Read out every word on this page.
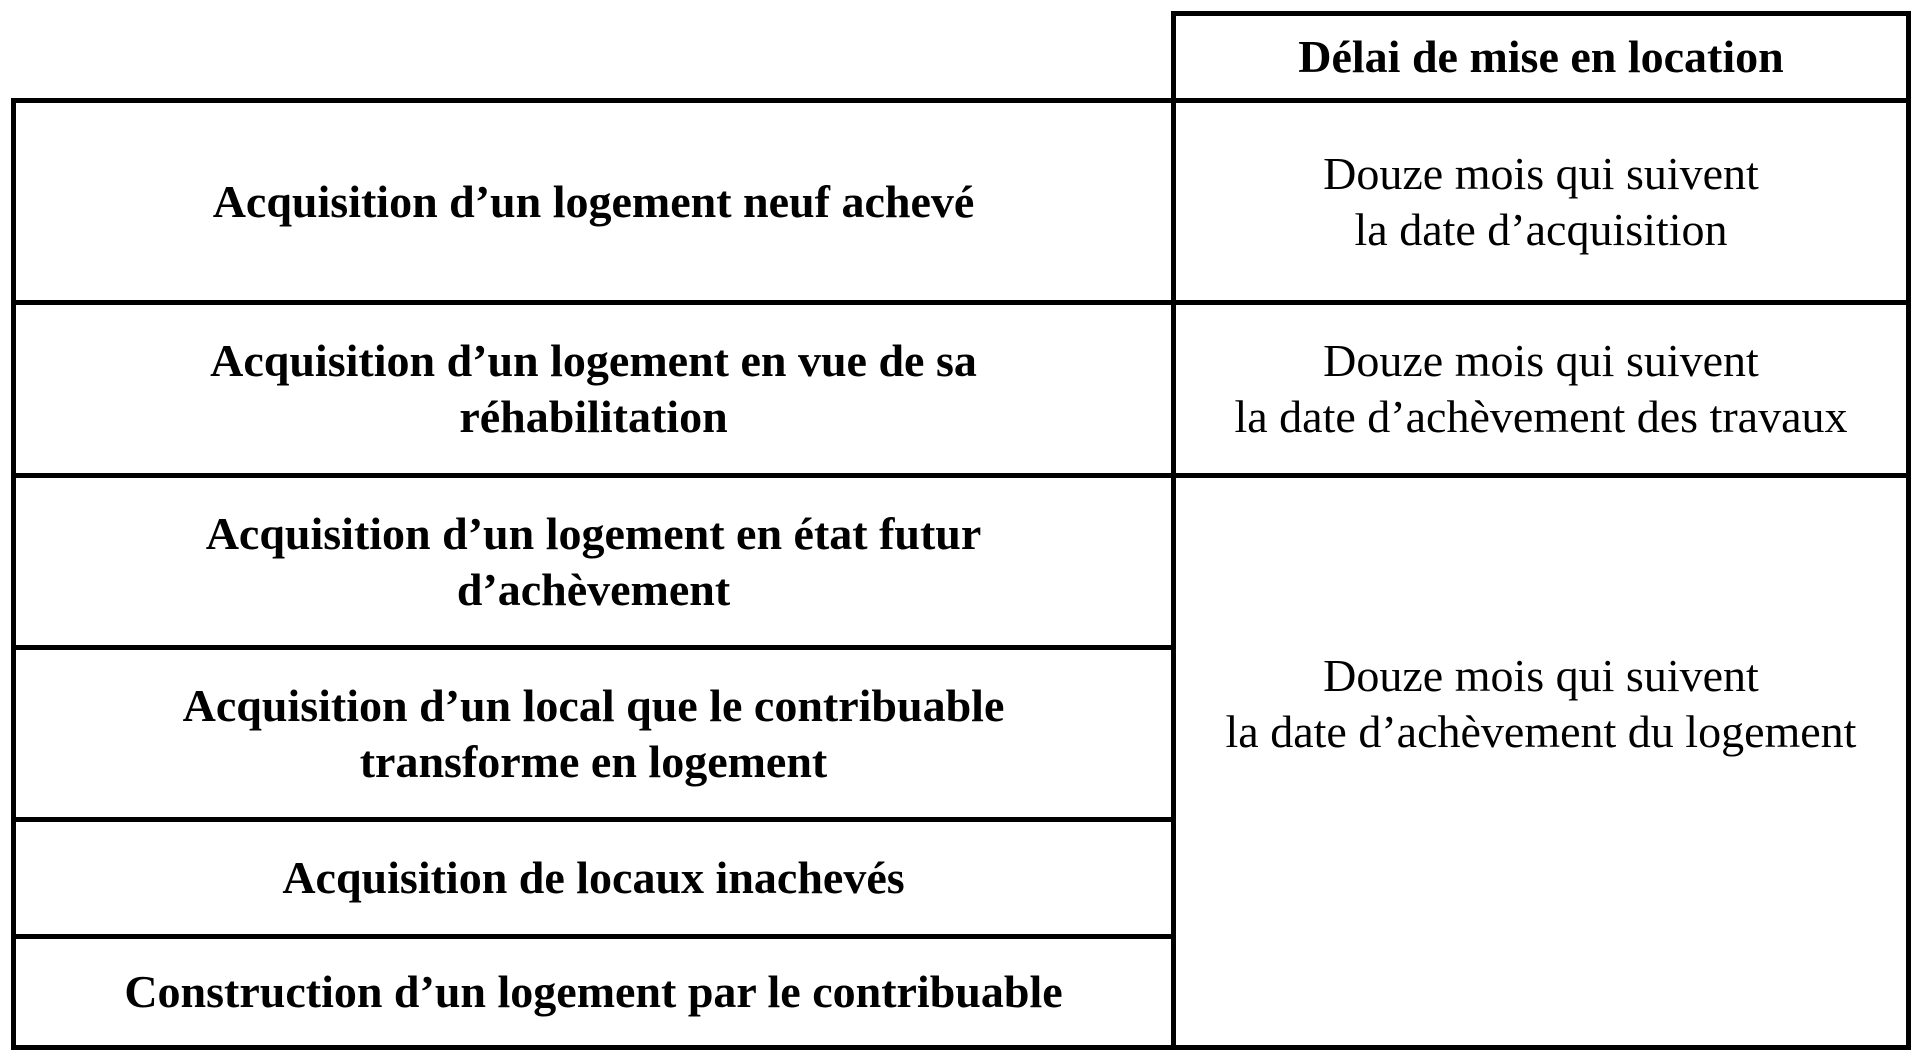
Délai de mise en location
Acquisition d’un logement neuf achevé
Acquisition d’un logement en vue de sa
réhabilitation
Acquisition d’un logement en état futur
d’achèvement
Acquisition d’un local que le contribuable
transforme en logement
Acquisition de locaux inachevés
Construction d’un logement par le contribuable
Douze mois qui suivent
la date d’acquisition
Douze mois qui suivent
la date d’achèvement des travaux
Douze mois qui suivent
la date d’achèvement du logement
